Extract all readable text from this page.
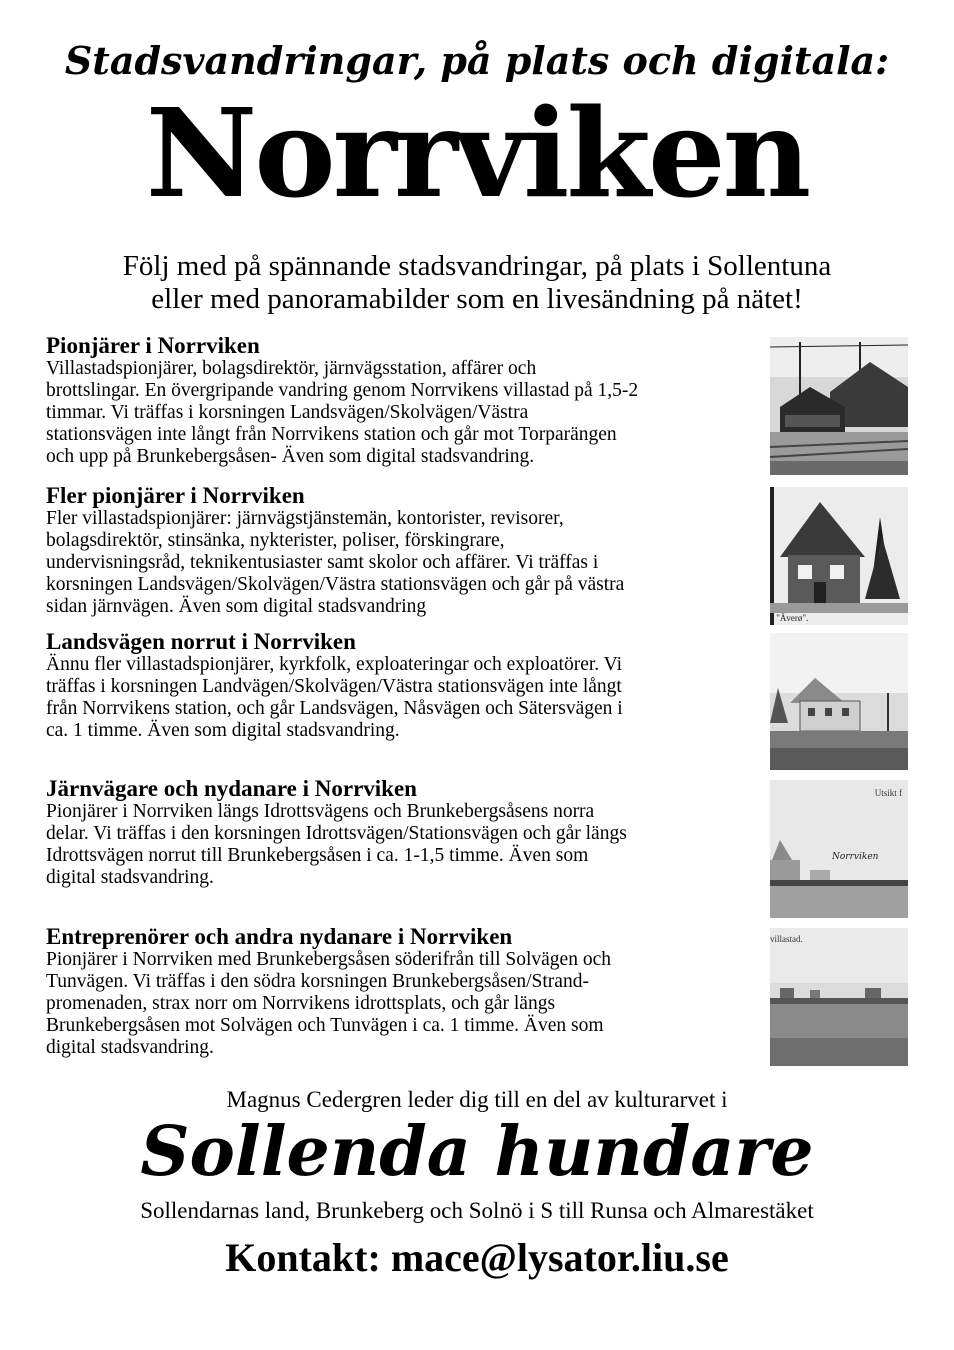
Stadsvandringar, på plats och digitala:
Norrviken
Följ med på spännande stadsvandringar, på plats i Sollentuna
eller med panoramabilder som en livesändning på nätet!
Pionjärer i Norrviken

Villastadspionjärer, bolagsdirektör, järnvägsstation, affärer och

brottslingar. En övergripande vandring genom Norrvikens villastad på 1,5-2

timmar. Vi träffas i korsningen Landsvägen/Skolvägen/Västra

stationsvägen inte långt från Norrvikens station och går mot Torparängen

och upp på Brunkebergsåsen- Även som digital stadsvandring.

Fler pionjärer i Norrviken

Fler villastadspionjärer: järnvägstjänstemän, kontorister, revisorer,

bolagsdirektör, stinsänka, nykterister, poliser, förskingrare,

undervisningsråd, teknikentusiaster samt skolor och affärer. Vi träffas i

korsningen Landsvägen/Skolvägen/Västra stationsvägen och går på västra

sidan järnvägen. Även som digital stadsvandring

Landsvägen norrut i Norrviken

Ännu fler villastadspionjärer, kyrkfolk, exploateringar och exploatörer. Vi

träffas i korsningen Landvägen/Skolvägen/Västra stationsvägen inte långt

från Norrvikens station, och går Landsvägen, Nåsvägen och Sätersvägen i

ca. 1 timme. Även som digital stadsvandring.

Järnvägare och nydanare i Norrviken

Pionjärer i Norrviken längs Idrottsvägens och Brunkebergsåsens norra

delar. Vi träffas i den korsningen Idrottsvägen/Stationsvägen och går längs

Idrottsvägen norrut till Brunkebergsåsen i ca. 1-1,5 timme. Även som

digital stadsvandring.

Entreprenörer och andra nydanare i Norrviken

Pionjärer i Norrviken med Brunkebergsåsen söderifrån till Solvägen och

Tunvägen. Vi träffas i den södra korsningen Brunkebergsåsen/Strand-

promenaden, strax norr om Norrvikens idrottsplats, och går längs

Brunkebergsåsen mot Solvägen och Tunvägen i ca. 1 timme. Även som

digital stadsvandring.

a "Äverø".
Utsikt f
Norrviken
villastad.
Magnus Cedergren leder dig till en del av kulturarvet i
Sollenda hundare
Sollendarnas land, Brunkeberg och Solnö i S till Runsa och Almarestäket
Kontakt: mace@lysator.liu.se
